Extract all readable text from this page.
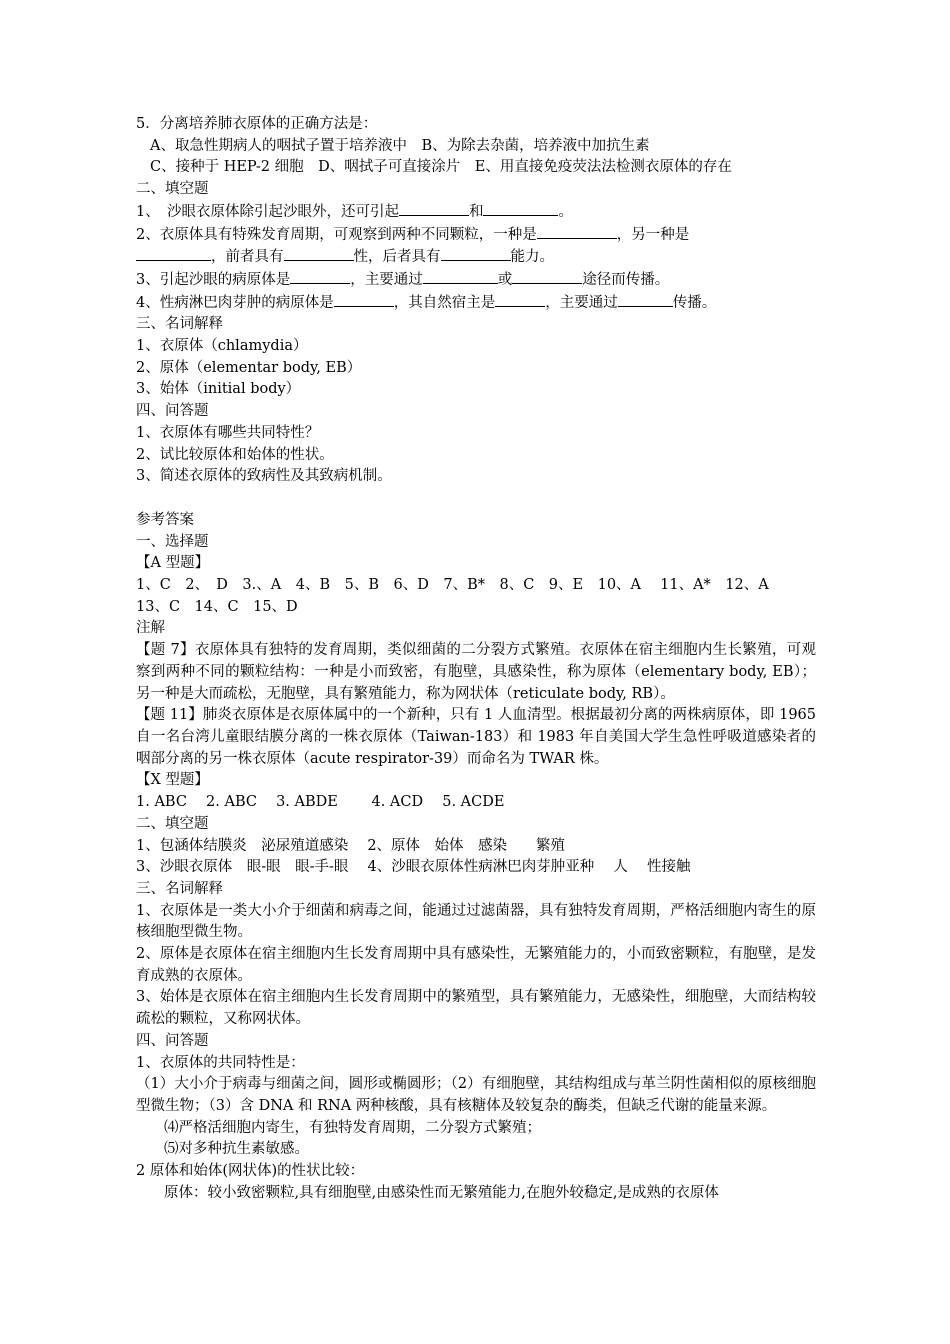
5．分离培养肺衣原体的正确方法是：
A、取急性期病人的咽拭子置于培养液中　B、为除去杂菌，培养液中加抗生素
C、接种于 HEP-2 细胞　D、咽拭子可直接涂片　E、用直接免疫荧法法检测衣原体的存在
二、填空题
1、　沙眼衣原体除引起沙眼外，还可引起	和	。
2、衣原体具有特殊发育周期，可观察到两种不同颗粒，一种是	，另一种是
，前者具有	性，后者具有	能力。
3、引起沙眼的病原体是	，主要通过	或	途径而传播。
4、性病淋巴肉芽肿的病原体是	，其自然宿主是	，主要通过	传播。
三、名词解释
1、衣原体（chlamydia）
2、原体（elementar body, EB）
3、始体（initial body）
四、问答题
1、衣原体有哪些共同特性？
2、试比较原体和始体的性状。
3、简述衣原体的致病性及其致病机制。
参考答案
一、选择题
【A 型题】
1、C　2、　D　3.、A　4、B　5、B　6、D　7、B*　8、C　9、E　10、A　 11、A*　12、A
13、C　14、C　15、D
注解
【题 7】衣原体具有独特的发育周期，类似细菌的二分裂方式繁殖。衣原体在宿主细胞内生长繁殖，可观察到两种不同的颗粒结构：一种是小而致密，有胞壁，具感染性，称为原体（elementary body, EB）；另一种是大而疏松，无胞壁，具有繁殖能力，称为网状体（reticulate body, RB）。
【题 11】肺炎衣原体是衣原体属中的一个新种，只有 1 人血清型。根据最初分离的两株病原体，即 1965 自一名台湾儿童眼结膜分离的一株衣原体（Taiwan-183）和 1983 年自美国大学生急性呼吸道感染者的咽部分离的另一株衣原体（acute respirator-39）而命名为 TWAR 株。
【X 型题】
1. ABC　 2. ABC　 3. ABDE　　 4. ACD　 5. ACDE
二、填空题
1、包涵体结膜炎　泌尿殖道感染　 2、原体　始体　感染　　繁殖
3、沙眼衣原体　眼-眼　眼-手-眼　 4、沙眼衣原体性病淋巴肉芽肿亚种　 人　 性接触
三、名词解释
1、衣原体是一类大小介于细菌和病毒之间，能通过过滤菌器，具有独特发育周期，严格活细胞内寄生的原核细胞型微生物。
2、原体是衣原体在宿主细胞内生长发育周期中具有感染性，无繁殖能力的，小而致密颗粒，有胞壁，是发育成熟的衣原体。
3、始体是衣原体在宿主细胞内生长发育周期中的繁殖型，具有繁殖能力，无感染性，细胞壁，大而结构较疏松的颗粒，又称网状体。
四、问答题
1、衣原体的共同特性是：
（1）大小介于病毒与细菌之间，圆形或椭圆形；（2）有细胞壁，其结构组成与革兰阴性菌相似的原核细胞型微生物；（3）含 DNA 和 RNA 两种核酸，具有核糖体及较复杂的酶类，但缺乏代谢的能量来源。
⑷严格活细胞内寄生，有独特发育周期，二分裂方式繁殖；
⑸对多种抗生素敏感。
2 原体和始体(网状体)的性状比较：
原体：较小致密颗粒,具有细胞壁,由感染性而无繁殖能力,在胞外较稳定,是成熟的衣原体
